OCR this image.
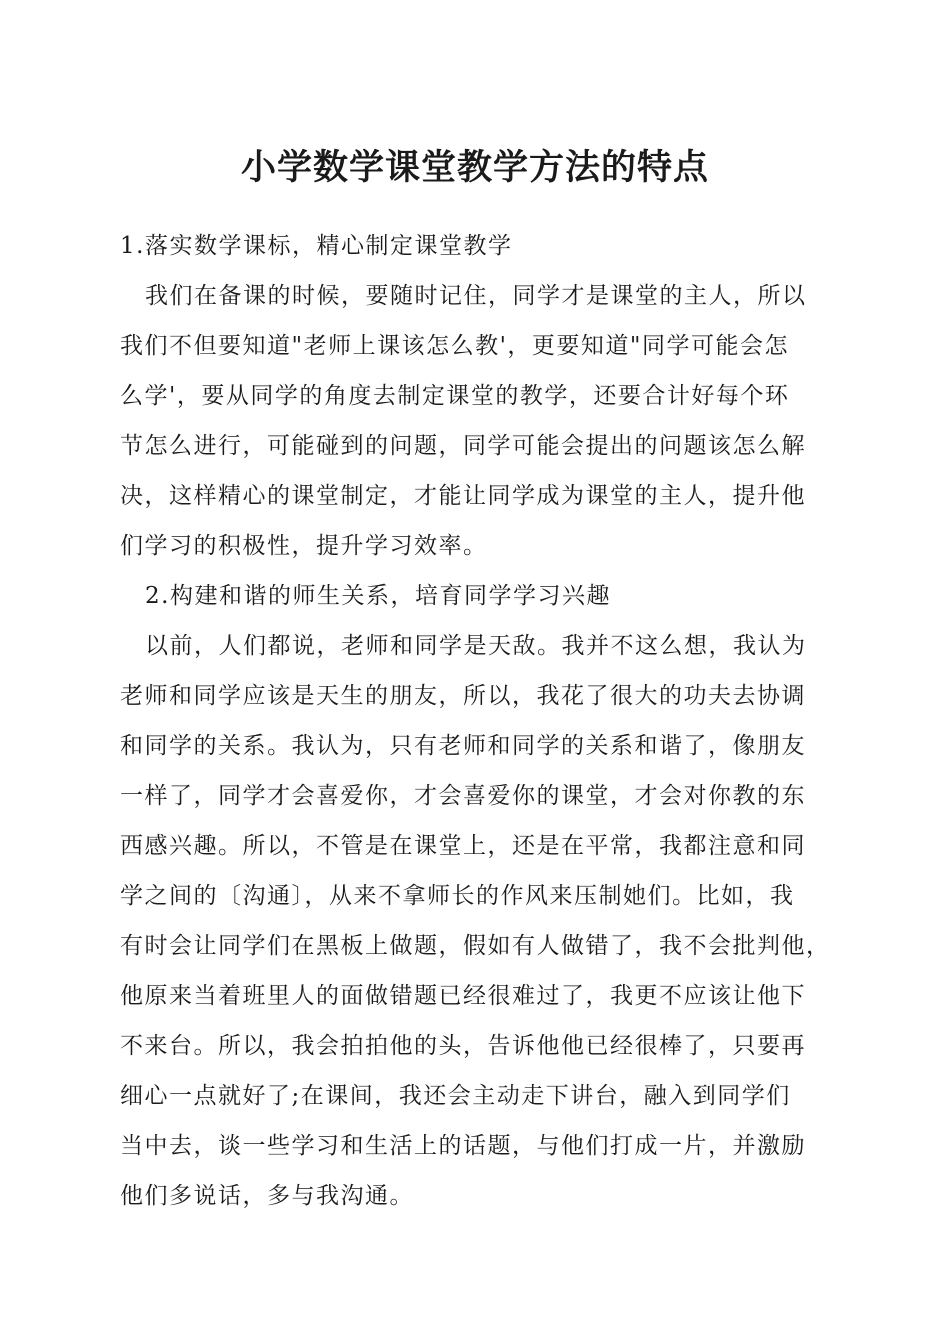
小学数学课堂教学方法的特点
1.落实数学课标，精心制定课堂教学
我们在备课的时候，要随时记住，同学才是课堂的主人，所以
我们不但要知道"老师上课该怎么教'，更要知道"同学可能会怎
么学'，要从同学的角度去制定课堂的教学，还要合计好每个环
节怎么进行，可能碰到的问题，同学可能会提出的问题该怎么解
决，这样精心的课堂制定，才能让同学成为课堂的主人，提升他
们学习的积极性，提升学习效率。
2.构建和谐的师生关系，培育同学学习兴趣
以前，人们都说，老师和同学是天敌。我并不这么想，我认为
老师和同学应该是天生的朋友，所以，我花了很大的功夫去协调
和同学的关系。我认为，只有老师和同学的关系和谐了，像朋友
一样了，同学才会喜爱你，才会喜爱你的课堂，才会对你教的东
西感兴趣。所以，不管是在课堂上，还是在平常，我都注意和同
学之间的〔沟通〕，从来不拿师长的作风来压制她们。比如，我
有时会让同学们在黑板上做题，假如有人做错了，我不会批判他，
他原来当着班里人的面做错题已经很难过了，我更不应该让他下
不来台。所以，我会拍拍他的头，告诉他他已经很棒了，只要再
细心一点就好了;在课间，我还会主动走下讲台，融入到同学们
当中去，谈一些学习和生活上的话题，与他们打成一片，并激励
他们多说话，多与我沟通。
